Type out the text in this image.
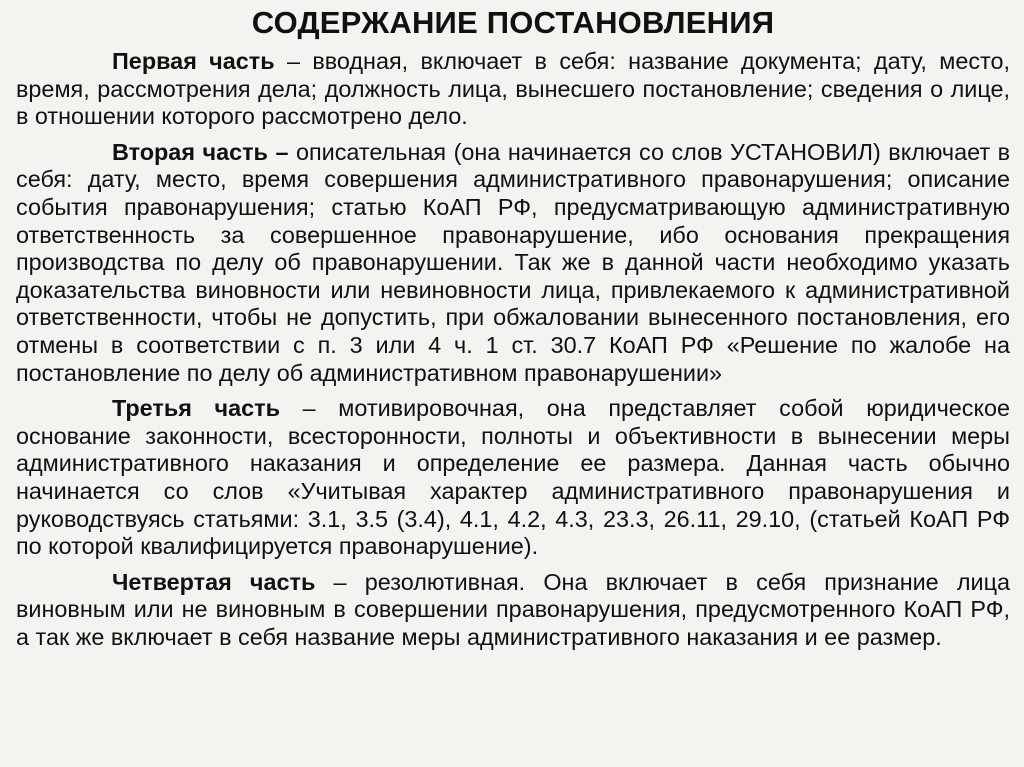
СОДЕРЖАНИЕ ПОСТАНОВЛЕНИЯ

Первая часть – вводная, включает в себя: название документа; дату, место, время, рассмотрения дела; должность лица, вынесшего постановление; сведения о лице, в отношении которого рассмотрено дело.

Вторая часть – описательная (она начинается со слов УСТАНОВИЛ) включает в себя: дату, место, время совершения административного правонарушения; описание события правонарушения; статью КоАП РФ, предусматривающую административную ответственность за совершенное правонарушение, ибо основания прекращения производства по делу об правонарушении. Так же в данной части необходимо указать доказательства виновности или невиновности лица, привлекаемого к административной ответственности, чтобы не допустить, при обжаловании вынесенного постановления, его отмены в соответствии с п. 3 или 4 ч. 1 ст. 30.7 КоАП РФ «Решение по жалобе на постановление по делу об административном правонарушении»

Третья часть – мотивировочная, она представляет собой юридическое основание законности, всесторонности, полноты и объективности в вынесении меры административного наказания и определение ее размера. Данная часть обычно начинается со слов «Учитывая характер административного правонарушения и руководствуясь статьями: 3.1, 3.5 (3.4), 4.1, 4.2, 4.3, 23.3, 26.11, 29.10, (статьей КоАП РФ по которой квалифицируется правонарушение).

Четвертая часть – резолютивная. Она включает в себя признание лица виновным или не виновным в совершении правонарушения, предусмотренного КоАП РФ, а так же включает в себя название меры административного наказания и ее размер.
